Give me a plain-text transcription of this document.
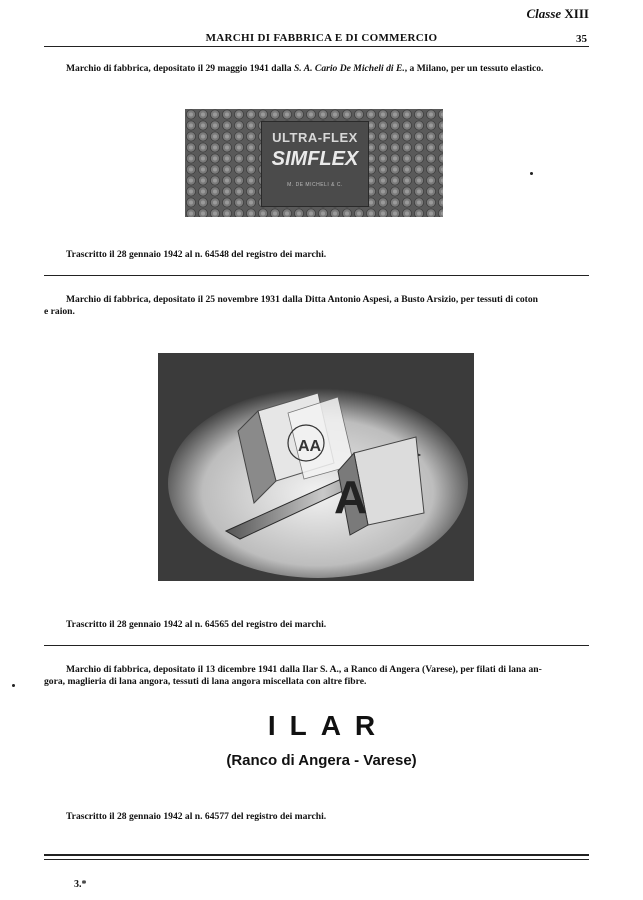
Classe XIII
MARCHI DI FABBRICA E DI COMMERCIO	35
Marchio di fabbrica, depositato il 29 maggio 1941 dalla S. A. Cario De Micheli di E., a Milano, per un tessuto elastico.
ULTRA-FLEX
SIMFLEX
M. DE MICHELI & C.
Trascritto il 28 gennaio 1942 al n. 64548 del registro dei marchi.
Marchio di fabbrica, depositato il 25 novembre 1931 dalla Ditta Antonio Aspesi, a Busto Arsizio, per tessuti di coton
e raion.
AA
A
Trascritto il 28 gennaio 1942 al n. 64565 del registro dei marchi.
Marchio di fabbrica, depositato il 13 dicembre 1941 dalla Ilar S. A., a Ranco di Angera (Varese), per filati di lana an-
gora, maglieria di lana angora, tessuti di lana angora miscellata con altre fibre.
ILAR
(Ranco di Angera - Varese)
Trascritto il 28 gennaio 1942 al n. 64577 del registro dei marchi.
3.*
